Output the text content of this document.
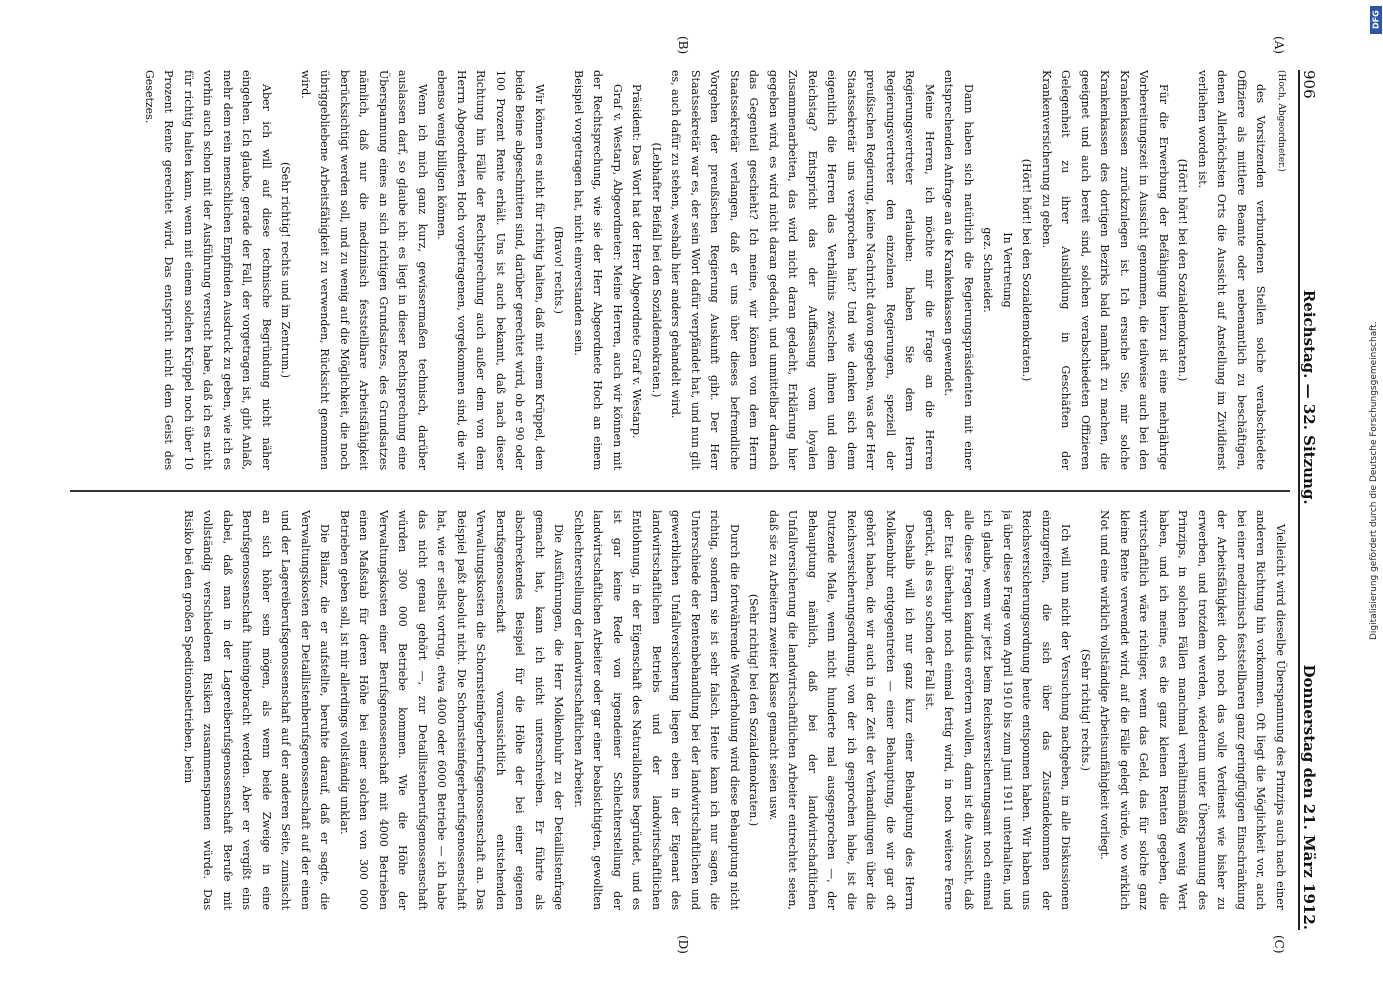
906
Reichstag. — 32. Sitzung.
Donnerstag den 21. März 1912.
(A)
(B)
(C)
(D)

(Hoch, Abgeordneter.)

des Vorsitzenden verbundenen Stellen solche verabschiedete Offiziere als mittlere Beamte oder nebenamtlich zu beschäftigen, denen Allerhöchsten Orts die Aussicht auf Anstellung im Zivildienst verliehen worden ist.

(Hört! hört! bei den Sozialdemokraten.)

Für die Erwerbung der Befähigung hierzu ist eine mehrjährige Vorbereitungszeit in Aussicht genommen, die teilweise auch bei den Krankenkassen zurückzulegen ist. Ich ersuche Sie, mir solche Krankenkassen des dortigen Bezirks bald namhaft zu machen, die geeignet und auch bereit sind, solchen verabschiedeten Offizieren Gelegenheit zu ihrer Ausbildung in Geschäften der Krankenversicherung zu geben.

(Hört! hört! bei den Sozialdemokraten.)

In Vertretung

gez. Schneider.

Dann haben sich natürlich die Regierungspräsidenten mit einer entsprechenden Anfrage an die Krankenkassen gewendet.

Meine Herren, ich möchte mir die Frage an die Herren Regierungsvertreter erlauben: haben Sie dem Herrn Regierungsvertreter den einzelnen Regierungen, speziell der preußischen Regierung, keine Nachricht davon gegeben, was der Herr Staatssekretär uns versprochen hat? Und wie denken sich denn eigentlich die Herren das Verhältnis zwischen ihnen und dem Reichstag? Entspricht das der Auffassung vom loyalen Zusammenarbeiten, das wird nicht daran gedacht, Erklärung hier gegeben wird, es wird nicht daran gedacht, und unmittelbar darnach das Gegenteil geschieht? Ich meine, wir können von dem Herrn Staatssekretär verlangen, daß er uns über dieses befremdliche Vorgehen der preußischen Regierung Auskunft gibt. Der Herr Staatssekretär war es, der sein Wort dafür verpfändet hat, und nun gilt es, auch dafür zu stehen, weshalb hier anders gehandelt wird.

(Lebhafter Beifall bei den Sozialdemokraten.)

Präsident: Das Wort hat der Herr Abgeordnete Graf v. Westarp.

Graf v. Westarp, Abgeordneter: Meine Herren, auch wir können mit der Rechtsprechung, wie sie der Herr Abgeordnete Hoch an einem Beispiel vorgetragen hat, nicht einverstanden sein.

(Bravo! rechts.)

Wir können es nicht für richtig halten, daß mit einem Krüppel, dem beide Beine abgeschnitten sind, darüber gerechtet wird, ob er 90 oder 100 Prozent Rente erhält. Uns ist auch bekannt, daß nach dieser Richtung hin Fälle der Rechtsprechung auch außer dem von dem Herrn Abgeordneten Hoch vorgetragenen, vorgekommen sind, die wir ebenso wenig billigen können.

Wenn ich mich ganz kurz, gewissermaßen technisch, darüber auslassen darf, so glaube ich: es liegt in dieser Rechtsprechung eine Überspannung eines an sich richtigen Grundsatzes, des Grundsatzes nämlich, daß nur die medizinisch feststellbare Arbeitsfähigkeit berücksichtigt werden soll, und zu wenig auf die Möglichkeit, die noch übriggebliebene Arbeitsfähigkeit zu verwenden, Rücksicht genommen wird.

(Sehr richtig! rechts und im Zentrum.)

Aber ich will auf diese technische Begründung nicht näher eingehen. Ich glaube, gerade der Fall, der vorgetragen ist, gibt Anlaß, mehr dem rein menschlichen Empfinden Ausdruck zu geben, wie ich es vorhin auch schon mit der Ausführung versucht habe, daß ich es nicht für richtig halten kann, wenn mit einem solchen Krüppel noch über 10 Prozent Rente gerechtet wird. Das entspricht nicht dem Geist des Gesetzes.

Vielleicht wird dieselbe Überspannung des Prinzips auch nach einer anderen Richtung hin vorkommen. Oft liegt die Möglichkeit vor, auch bei einer medizinisch feststellbaren ganz geringfügigen Einschränkung der Arbeitsfähigkeit doch noch das volle Verdienst wie bisher zu erwerben, und trotzdem werden, wiederum unter Überspannung des Prinzips, in solchen Fällen manchmal verhältnismäßig wenig Wert haben, und ich meine, es die ganz kleinen Renten gegeben, die wirtschaftlich wäre richtiger, wenn das Geld, das für solche ganz kleine Rente verwendet wird, auf die Fälle gelegt würde, wo wirklich Not und eine wirklich vollständige Arbeitsunfähigkeit vorliegt.

(Sehr richtig! rechts.)

Ich will nun nicht der Versuchung nachgeben, in alle Diskussionen einzugreifen, die sich über das Zustandekommen der Reichsversicherungsordnung heute entsponnen haben. Wir haben uns ja über diese Frage vom April 1910 bis zum Juni 1911 unterhalten, und ich glaube, wenn wir jetzt beim Reichsversicherungsamt noch einmal alle diese Fragen kandidus erörtern wollen, dann ist die Aussicht, daß der Etat überhaupt noch einmal fertig wird, in noch weitere Ferne gerückt, als es so schon der Fall ist.

Deshalb will ich nur ganz kurz einer Behauptung des Herrn Molkenbuhr entgegentreten — einer Behauptung, die wir gar oft gehört haben, die wir auch in der Zeit der Verhandlungen über die Reichsversicherungsordnung, von der ich gesprochen habe, ist die Dutzende Male, wenn nicht hunderte mal ausgesprochen —, der Behauptung nämlich, daß bei der landwirtschaftlichen Unfallversicherung die landwirtschaftlichen Arbeiter entrechtet seien, daß sie zu Arbeitern zweiter Klasse gemacht seien usw.

(Sehr richtig! bei den Sozialdemokraten.)

Durch die fortwährende Wiederholung wird diese Behauptung nicht richtig, sondern sie ist sehr falsch. Heute kann ich nur sagen, die Unterschiede der Rentenbehandlung bei der landwirtschaftlichen und gewerblichen Unfallversicherung liegen eben in der Eigenart des landwirtschaftlichen Betriebs und der landwirtschaftlichen Entlohnung, in der Eigenschaft des Naturallohnes begründet, und es ist gar keine Rede von irgendeiner Schlechterstellung der landwirtschaftlichen Arbeiter oder gar einer beabsichtigten, gewollten Schlechterstellung der landwirtschaftlichen Arbeiter.

Die Ausführungen, die Herr Molkenbuhr zu der Detaillistenfrage gemacht hat, kann ich nicht unterschreiben. Er führte als abschreckendes Beispiel für die Höhe der bei einer eigenen Berufsgenossenschaft voraussichtlich entstehenden Verwaltungskosten die Schornsteinfegerberufsgenossenschaft an. Das Beispiel paßt absolut nicht. Die Schornsteinfegerberufsgenossenschaft hat, wie er selbst vortrug, etwa 4000 oder 6000 Betriebe — ich habe das nicht genau gehört —, zur Detaillistenberufsgenossenschaft würden 300 000 Betriebe kommen. Wie die Höhe der Verwaltungskosten einer Berufsgenossenschaft mit 4000 Betrieben einen Maßstab für deren Höhe bei einer solchen von 300 000 Betrieben geben soll, ist mir allerdings vollständig unklar.

Die Bilanz, die er aufstellte, beruhte darauf, daß er sagte, die Verwaltungskosten der Detaillistenberufsgenossenschaft auf der einen und der Lagereiberufsgenossenschaft auf der anderen Seite, zumischt an sich höher sein mögen, als wenn beide Zweige in eine Berufsgenossenschaft hineingebracht werden. Aber er vergißt eins dabei, daß man in der Lagereiberufsgenossenschaft Berufe mit vollständig verschiedenen Risiken zusammenspannen würde. Das Risiko bei den großen Speditionsbetrieben, beim

DFG
Digitalisierung gefördert durch die Deutsche Forschungsgemeinschaft.
